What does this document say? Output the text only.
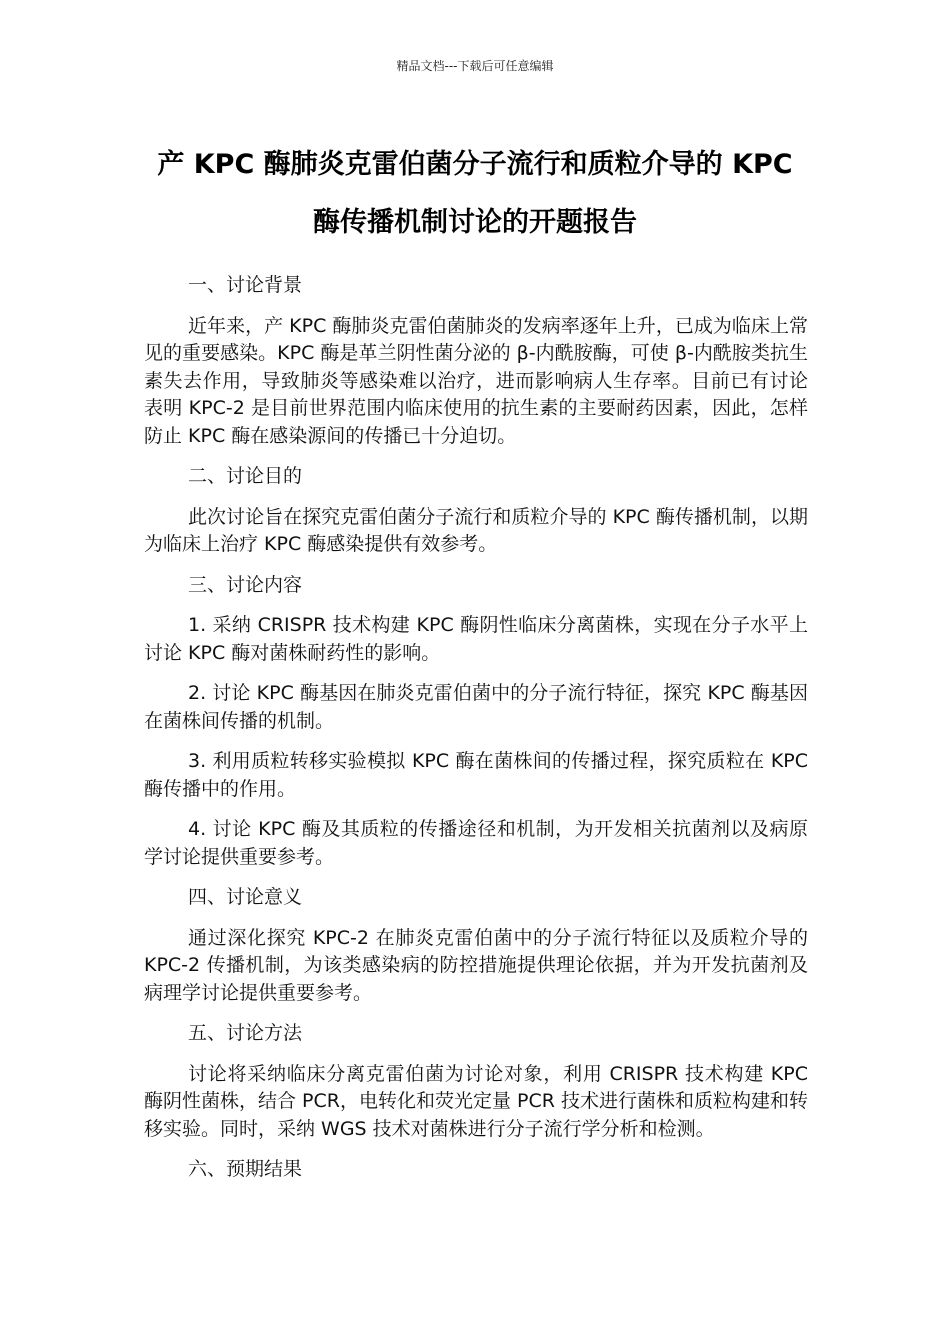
精品文档---下载后可任意编辑
产 KPC 酶肺炎克雷伯菌分子流行和质粒介导的 KPC
酶传播机制讨论的开题报告
一、讨论背景
近年来，产 KPC 酶肺炎克雷伯菌肺炎的发病率逐年上升，已成为临床上常见的重要感染。KPC 酶是革兰阴性菌分泌的 β-内酰胺酶，可使 β-内酰胺类抗生素失去作用，导致肺炎等感染难以治疗，进而影响病人生存率。目前已有讨论表明 KPC-2 是目前世界范围内临床使用的抗生素的主要耐药因素，因此，怎样防止 KPC 酶在感染源间的传播已十分迫切。
二、讨论目的
此次讨论旨在探究克雷伯菌分子流行和质粒介导的 KPC 酶传播机制，以期为临床上治疗 KPC 酶感染提供有效参考。
三、讨论内容
1. 采纳 CRISPR 技术构建 KPC 酶阴性临床分离菌株，实现在分子水平上讨论 KPC 酶对菌株耐药性的影响。
2. 讨论 KPC 酶基因在肺炎克雷伯菌中的分子流行特征，探究 KPC 酶基因在菌株间传播的机制。
3. 利用质粒转移实验模拟 KPC 酶在菌株间的传播过程，探究质粒在 KPC 酶传播中的作用。
4. 讨论 KPC 酶及其质粒的传播途径和机制，为开发相关抗菌剂以及病原学讨论提供重要参考。
四、讨论意义
通过深化探究 KPC-2 在肺炎克雷伯菌中的分子流行特征以及质粒介导的 KPC-2 传播机制，为该类感染病的防控措施提供理论依据，并为开发抗菌剂及病理学讨论提供重要参考。
五、讨论方法
讨论将采纳临床分离克雷伯菌为讨论对象，利用 CRISPR 技术构建 KPC 酶阴性菌株，结合 PCR，电转化和荧光定量 PCR 技术进行菌株和质粒构建和转移实验。同时，采纳 WGS 技术对菌株进行分子流行学分析和检测。
六、预期结果
